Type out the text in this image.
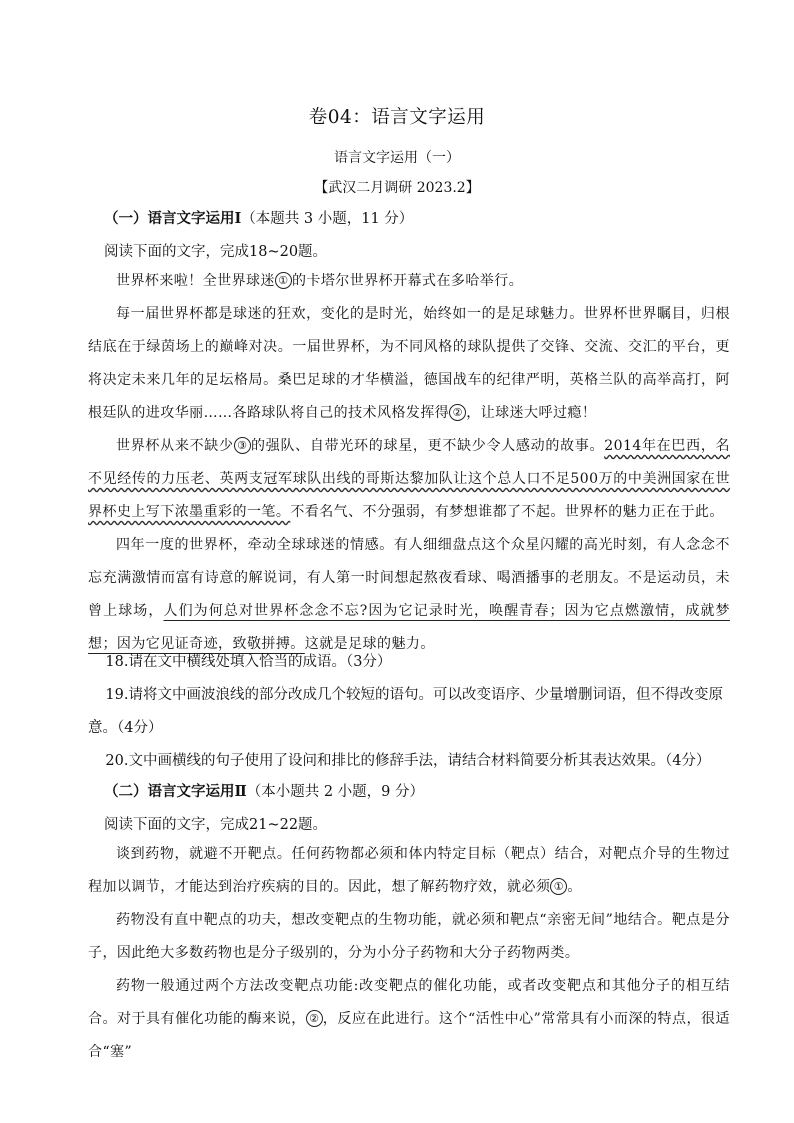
卷04：语言文字运用
语言文字运用（一）
【武汉二月调研 2023.2】
（一）语言文字运用Ⅰ（本题共 3 小题，11 分）
阅读下面的文字，完成18~20题。

世界杯来啦！全世界球迷 ① 的卡塔尔世界杯开幕式在多哈举行。

每一届世界杯都是球迷的狂欢，变化的是时光，始终如一的是足球魅力。世界杯世界瞩目，归根结底在于绿茵场上的巅峰对决。一届世界杯，为不同风格的球队提供了交锋、交流、交汇的平台，更将决定未来几年的足坛格局。桑巴足球的才华横溢，德国战车的纪律严明，英格兰队的高举高打，阿根廷队的进攻华丽……各路球队将自己的技术风格发挥得 ② ，让球迷大呼过瘾！

世界杯从来不缺少 ③ 的强队、自带光环的球星，更不缺少令人感动的故事。2014年在巴西，名不见经传的力压老、英两支冠军球队出线的哥斯达黎加队让这个总人口不足500万的中美洲国家在世界杯史上写下浓墨重彩的一笔。不看名气、不分强弱，有梦想谁都了不起。世界杯的魅力正在于此。

四年一度的世界杯，牵动全球球迷的情感。有人细细盘点这个众星闪耀的高光时刻，有人念念不忘充满激情而富有诗意的解说词，有人第一时间想起熬夜看球、喝酒播事的老朋友。不是运动员，未曾上球场，人们为何总对世界杯念念不忘?因为它记录时光，唤醒青春；因为它点燃激情，成就梦想；因为它见证奇迹，致敬拼搏。这就是足球的魅力。

18.请在文中横线处填入恰当的成语。（3分）

19.请将文中画波浪线的部分改成几个较短的语句。可以改变语序、少量增删词语，但不得改变原意。（4分）

20.文中画横线的句子使用了设问和排比的修辞手法，请结合材料简要分析其表达效果。（4分）

（二）语言文字运用Ⅱ（本小题共 2 小题，9 分）
阅读下面的文字，完成21~22题。

谈到药物，就避不开靶点。任何药物都必须和体内特定目标（靶点）结合，对靶点介导的生物过程加以调节，才能达到治疗疾病的目的。因此，想了解药物疗效，就必须 ① 。

药物没有直中靶点的功夫，想改变靶点的生物功能，就必须和靶点“亲密无间”地结合。靶点是分子，因此绝大多数药物也是分子级别的，分为小分子药物和大分子药物两类。

药物一般通过两个方法改变靶点功能:改变靶点的催化功能，或者改变靶点和其他分子的相互结合。对于具有催化功能的酶来说， ② ，反应在此进行。这个“活性中心”常常具有小而深的特点，很适合“塞”
